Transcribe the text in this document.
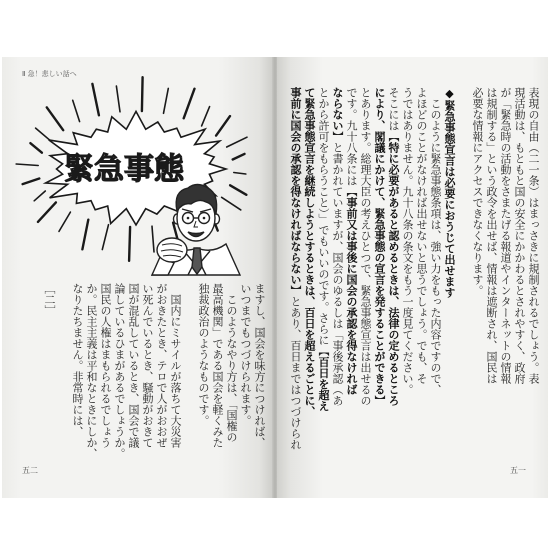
Ⅱ 急！悲しい話へ
緊急事態
ますし、国会を味方につければ、
いつまでもつづけられます。
　このようなやり方は、「国権の
最高機関」である国会を軽くみた
独裁政治のようなものです。
　国内にミサイルが落ちて大災害
がおきたとき、テロで人がおおぜ
い死んでいるとき、騒動がおきて
国が混乱しているとき、国会で議
論しているひまがあるでしょうか。
国民の人権はまもられるでしょう
か。民主主義は平和なときにしか、
なりたちません。非常時には、
［二］
五二
表現の自由（二一条）はまっさきに規制されるでしょう。表
現活動は、もともと国の安全にかかわるとされやすく、政府
が「緊急時の活動をさまたげる報道やインターネットの情報
は規制する」という政令を出せば、情報は遮断され、国民は
必要な情報にアクセスできなくなります。
◆緊急事態宣言は必要におうじて出せます
　このように緊急事態条項は、強い力をもった内容ですので、
よほどのことがなければ出せないと思うでしょう。でも、そ
うではありません。九十八条の条文をもう一度見てください。
そこには【特に必要があると認めるときは、法律の定めるところ
により、閣議にかけて、緊急事態の宣言を発することができる】
とあります。総理大臣の考えひとつで、緊急事態宣言は出せるの
です。九十八条には【事前又は事後に国会の承認を得なければ
ならない】と書かれていますが、国会のゆるしは「事後承認（あ
とから許可をもらうこと）」でもいいのです。さらに【百日を超え
て緊急事態宣言を継続しようとするときは、百日を超えるごとに、
事前に国会の承認を得なければならない】とあり、百日まではつづけられ
五一
